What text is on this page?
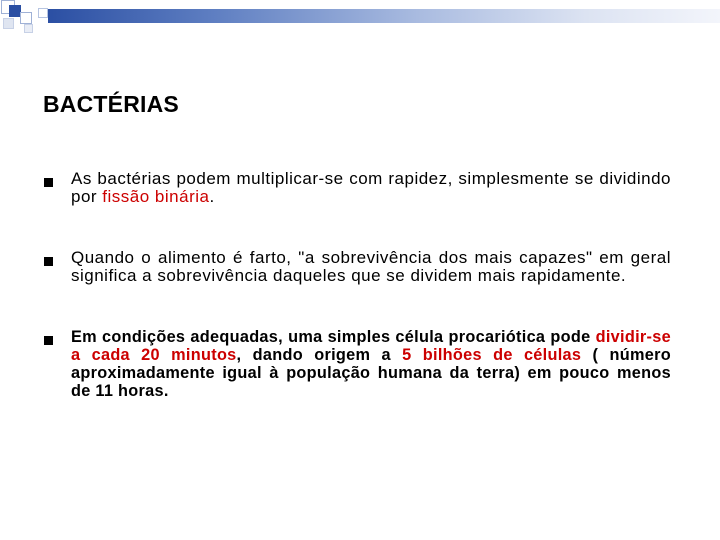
BACTÉRIAS

As bactérias podem multiplicar-se com rapidez, simplesmente se dividindo por fissão binária.

Quando o alimento é farto, "a sobrevivência dos mais capazes" em geral significa a sobrevivência daqueles que se dividem mais rapidamente.

Em condições adequadas, uma simples célula procariótica pode dividir-se a cada 20 minutos, dando origem a 5 bilhões de células ( número aproximadamente igual à população humana da terra) em pouco menos de 11 horas.
